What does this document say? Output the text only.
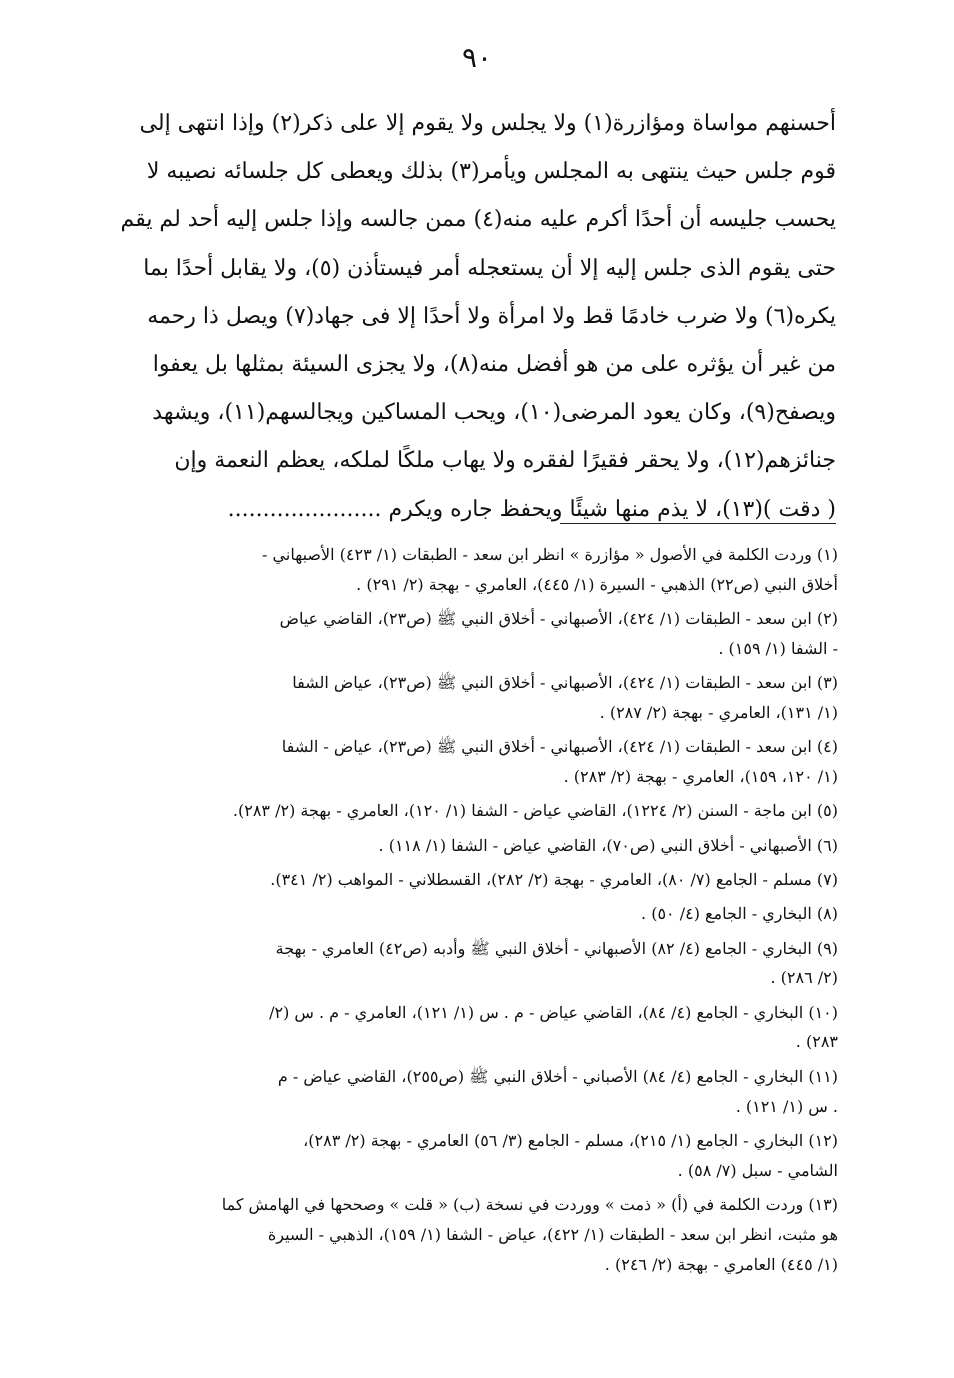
٩٠
أحسنهم مواساة ومؤازرة(١) ولا يجلس ولا يقوم إلا على ذكر(٢) وإذا انتهى إلى
قوم جلس حيث ينتهى به المجلس ويأمر(٣) بذلك ويعطى كل جلسائه نصيبه لا
يحسب جليسه أن أحدًا أكرم عليه منه(٤) ممن جالسه وإذا جلس إليه أحد لم يقم
حتى يقوم الذى جلس إليه إلا أن يستعجله أمر فيستأذن (٥)، ولا يقابل أحدًا بما
يكره(٦) ولا ضرب خادمًا قط ولا امرأة ولا أحدًا إلا فى جهاد(٧) ويصل ذا رحمه
من غير أن يؤثره على من هو أفضل منه(٨)، ولا يجزى السيئة بمثلها بل يعفوا
ويصفح(٩)، وكان يعود المرضى(١٠)، ويحب المساكين ويجالسهم(١١)، ويشهد
جنائزهم(١٢)، ولا يحقر فقيرًا لفقره ولا يهاب ملكًا لملكه، يعظم النعمة وإن
( دقت )(١٣)، لا يذم منها شيئًا ويحفظ جاره ويكرم ......................
(١) وردت الكلمة في الأصول « مؤازرة » انظر ابن سعد - الطبقات (١/ ٤٢٣) الأصبهاني -
أخلاق النبي (ص٢٢) الذهبي - السيرة (١/ ٤٤٥)، العامري - بهجة (٢/ ٢٩١) .
(٢) ابن سعد - الطبقات (١/ ٤٢٤)، الأصبهاني - أخلاق النبي ﷺ (ص٢٣)، القاضي عياض
- الشفا (١/ ١٥٩) .
(٣) ابن سعد - الطبقات (١/ ٤٢٤)، الأصبهاني - أخلاق النبي ﷺ (ص٢٣)، عياض الشفا
(١/ ١٣١)، العامري - بهجة (٢/ ٢٨٧) .
(٤) ابن سعد - الطبقات (١/ ٤٢٤)، الأصبهاني - أخلاق النبي ﷺ (ص٢٣)، عياض - الشفا
(١/ ١٢٠، ١٥٩)، العامري - بهجة (٢/ ٢٨٣) .
(٥) ابن ماجة - السنن (٢/ ١٢٢٤)، القاضي عياض - الشفا (١/ ١٢٠)، العامري - بهجة (٢/ ٢٨٣).
(٦) الأصبهاني - أخلاق النبي (ص٧٠)، القاضي عياض - الشفا (١/ ١١٨) .
(٧) مسلم - الجامع (٧/ ٨٠)، العامري - بهجة (٢/ ٢٨٢)، القسطلاني - المواهب (٢/ ٣٤١).
(٨) البخاري - الجامع (٤/ ٥٠) .
(٩) البخاري - الجامع (٤/ ٨٢) الأصبهاني - أخلاق النبي ﷺ وأدبه (ص٤٢) العامري - بهجة
(٢/ ٢٨٦) .
(١٠) البخاري - الجامع (٤/ ٨٤)، القاضي عياض - م . س (١/ ١٢١)، العامري - م . س (٢/
٢٨٣) .
(١١) البخاري - الجامع (٤/ ٨٤) الأصباني - أخلاق النبي ﷺ (ص٢٥٥)، القاضي عياض - م
. س (١/ ١٢١) .
(١٢) البخاري - الجامع (١/ ٢١٥)، مسلم - الجامع (٣/ ٥٦) العامري - بهجة (٢/ ٢٨٣)،
الشامي - سبل (٧/ ٥٨) .
(١٣) وردت الكلمة في (أ) « ذمت » ووردت في نسخة (ب) « قلت » وصححها في الهامش كما
هو مثبت، انظر ابن سعد - الطبقات (١/ ٤٢٢)، عياض - الشفا (١/ ١٥٩)، الذهبي - السيرة
(١/ ٤٤٥) العامري - بهجة (٢/ ٢٤٦) .
